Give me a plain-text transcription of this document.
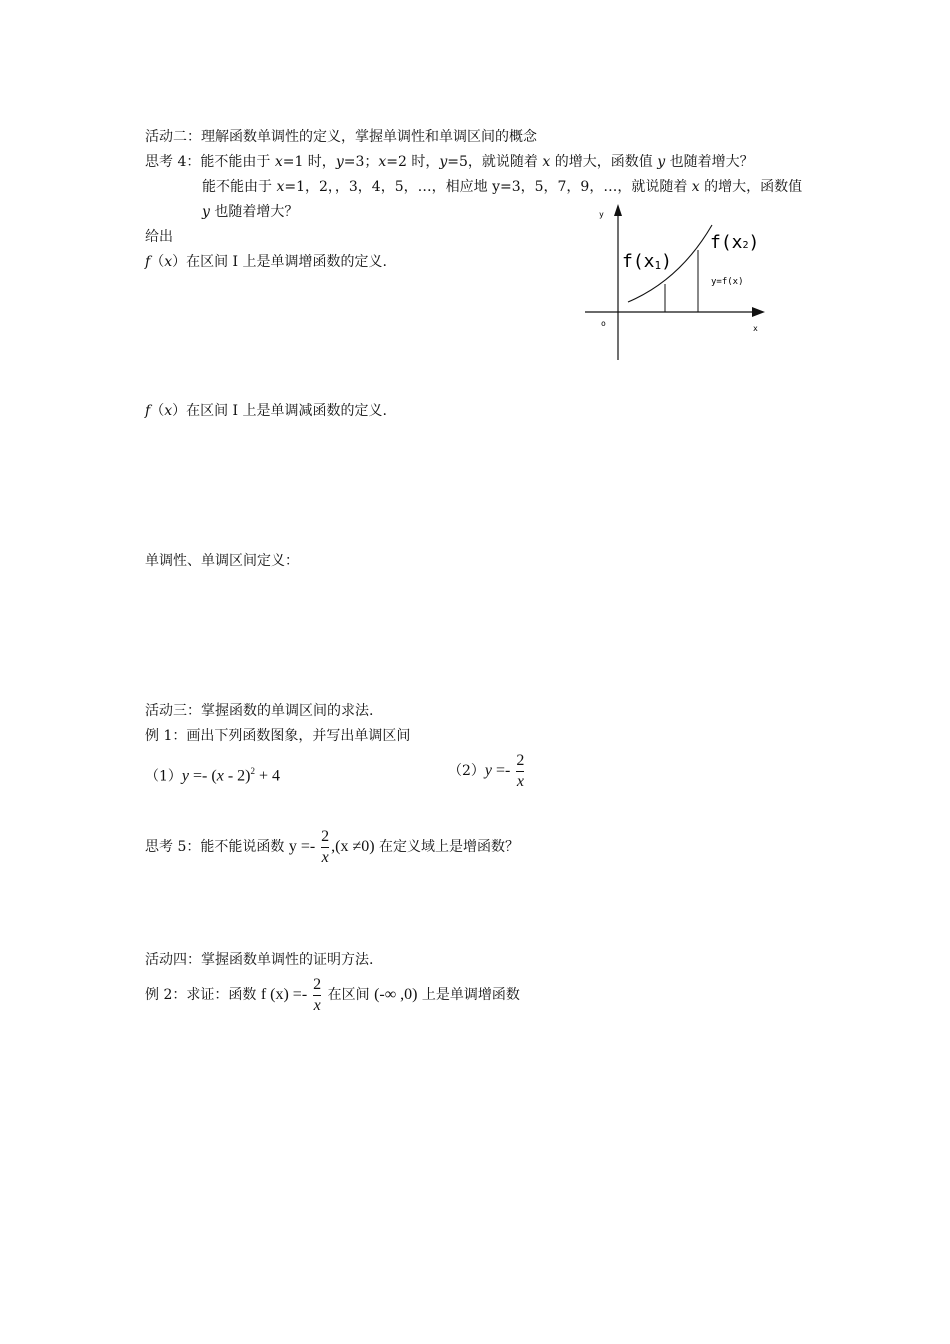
活动二：理解函数单调性的定义，掌握单调性和单调区间的概念
思考 4：能不能由于 x=1 时，y=3；x=2 时，y=5，就说随着 x 的增大，函数值 y 也随着增大？
能不能由于 x=1，2，，3，4，5，…，相应地 y=3，5，7，9，…，就说随着 x 的增大，函数值
y 也随着增大？
给出
f（x）在区间 I 上是单调增函数的定义.
y
x
o
f(x1)
f(x2)
y=f(x)
f（x）在区间 I 上是单调减函数的定义.
单调性、单调区间定义：
活动三：掌握函数的单调区间的求法.
例 1：画出下列函数图象，并写出单调区间
（1）y =- (x - 2)$^2$ + 4	$(2)y =- \frac{2}{x}$
思考 5：能不能说函数 $y =- \frac{2}{x} ,(x \ne 0)$ 在定义域上是增函数？
活动四：掌握函数单调性的证明方法.
例 2：求证：函数 f $(x) =- \frac{2}{x}$ 在区间 (-∞ ,0) 上是单调增函数
